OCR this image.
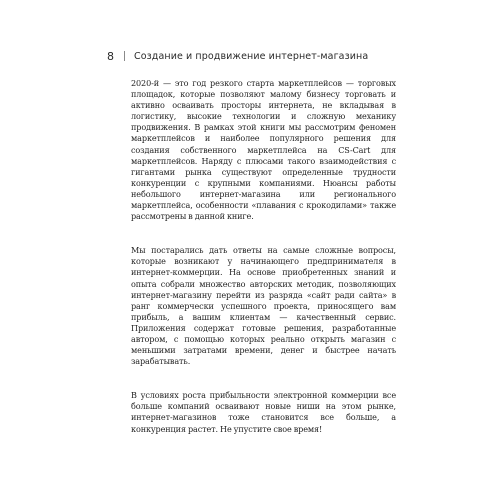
8 Создание и продвижение интернет-магазина

2020-й — это год резкого старта маркетплейсов — торговых площадок, которые позволяют малому бизнесу торговать и активно осваивать просторы интернета, не вкладывая в логистику, высокие технологии и сложную механику продвижения. В рамках этой книги мы рассмотрим феномен маркетплейсов и наиболее популярного решения для создания собственного маркетплейса на CS-Cart для маркетплейсов. Наряду с плюсами такого взаимодействия с гигантами рынка существуют определенные трудности конкуренции с крупными компаниями. Нюансы работы небольшого интернет-магазина или регионального маркетплейса, особенности «плавания с крокодилами» также рассмотрены в данной книге.

Мы постарались дать ответы на самые сложные вопросы, которые возникают у начинающего предпринимателя в интернет-коммерции. На основе приобретенных знаний и опыта собрали множество авторских методик, позволяющих интернет-магазину перейти из разряда «сайт ради сайта» в ранг коммерчески успешного проекта, приносящего вам прибыль, а вашим клиентам — качественный сервис. Приложения содержат готовые решения, разработанные автором, с помощью которых реально открыть магазин с меньшими затратами времени, денег и быстрее начать зарабатывать.

В условиях роста прибыльности электронной коммерции все больше компаний осваивают новые ниши на этом рынке, интернет-магазинов тоже становится все больше, а конкуренция растет. Не упустите свое время!
